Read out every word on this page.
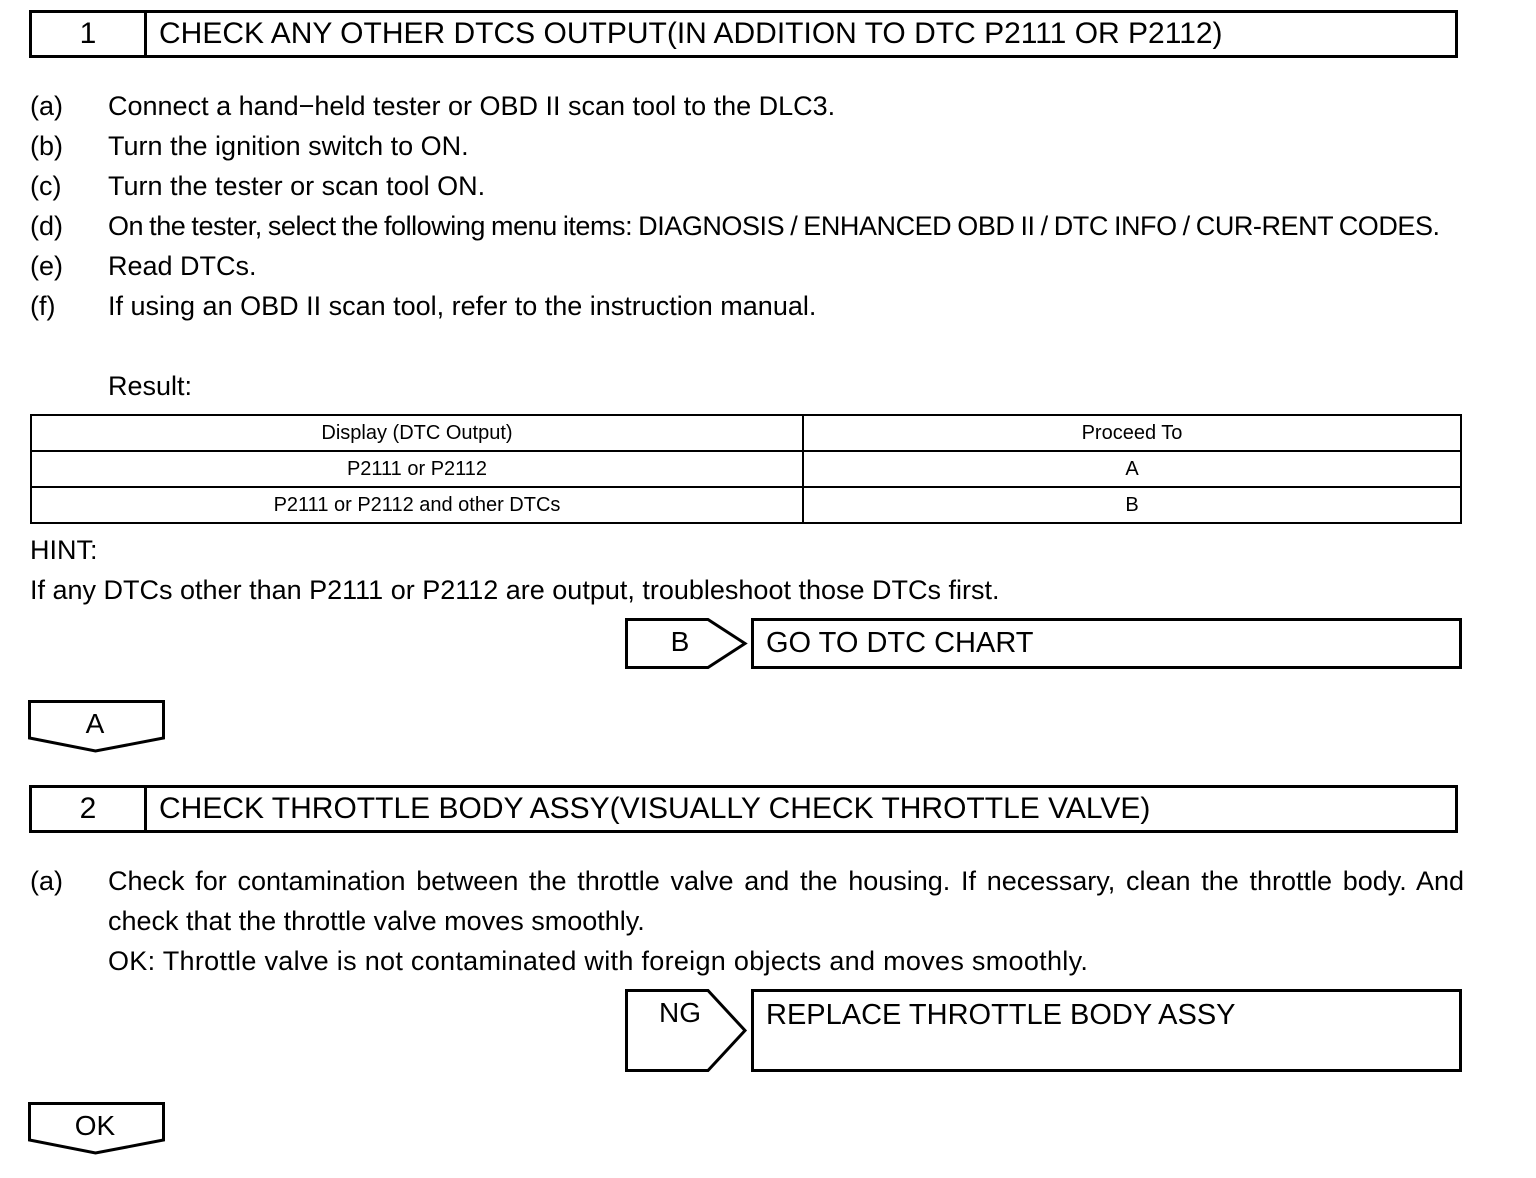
1	CHECK ANY OTHER DTCS OUTPUT(IN ADDITION TO DTC P2111 OR P2112)
(a)	Connect a hand−held tester or OBD II scan tool to the DLC3.
(b)	Turn the ignition switch to ON.
(c)	Turn the tester or scan tool ON.
(d)	On the tester, select the following menu items: DIAGNOSIS / ENHANCED OBD II / DTC INFO / CUR-RENT CODES.
(e)	Read DTCs.
(f)	If using an OBD II scan tool, refer to the instruction manual.
Result:
Display (DTC Output)	Proceed To
P2111 or P2112	A
P2111 or P2112 and other DTCs	B
HINT:
If any DTCs other than P2111 or P2112 are output, troubleshoot those DTCs first.
B	GO TO DTC CHART
A
2	CHECK THROTTLE BODY ASSY(VISUALLY CHECK THROTTLE VALVE)
(a)	Check for contamination between the throttle valve and the housing. If necessary, clean the throttle body. And check that the throttle valve moves smoothly.
OK: Throttle valve is not contaminated with foreign objects and moves smoothly.
NG	REPLACE THROTTLE BODY ASSY
OK
